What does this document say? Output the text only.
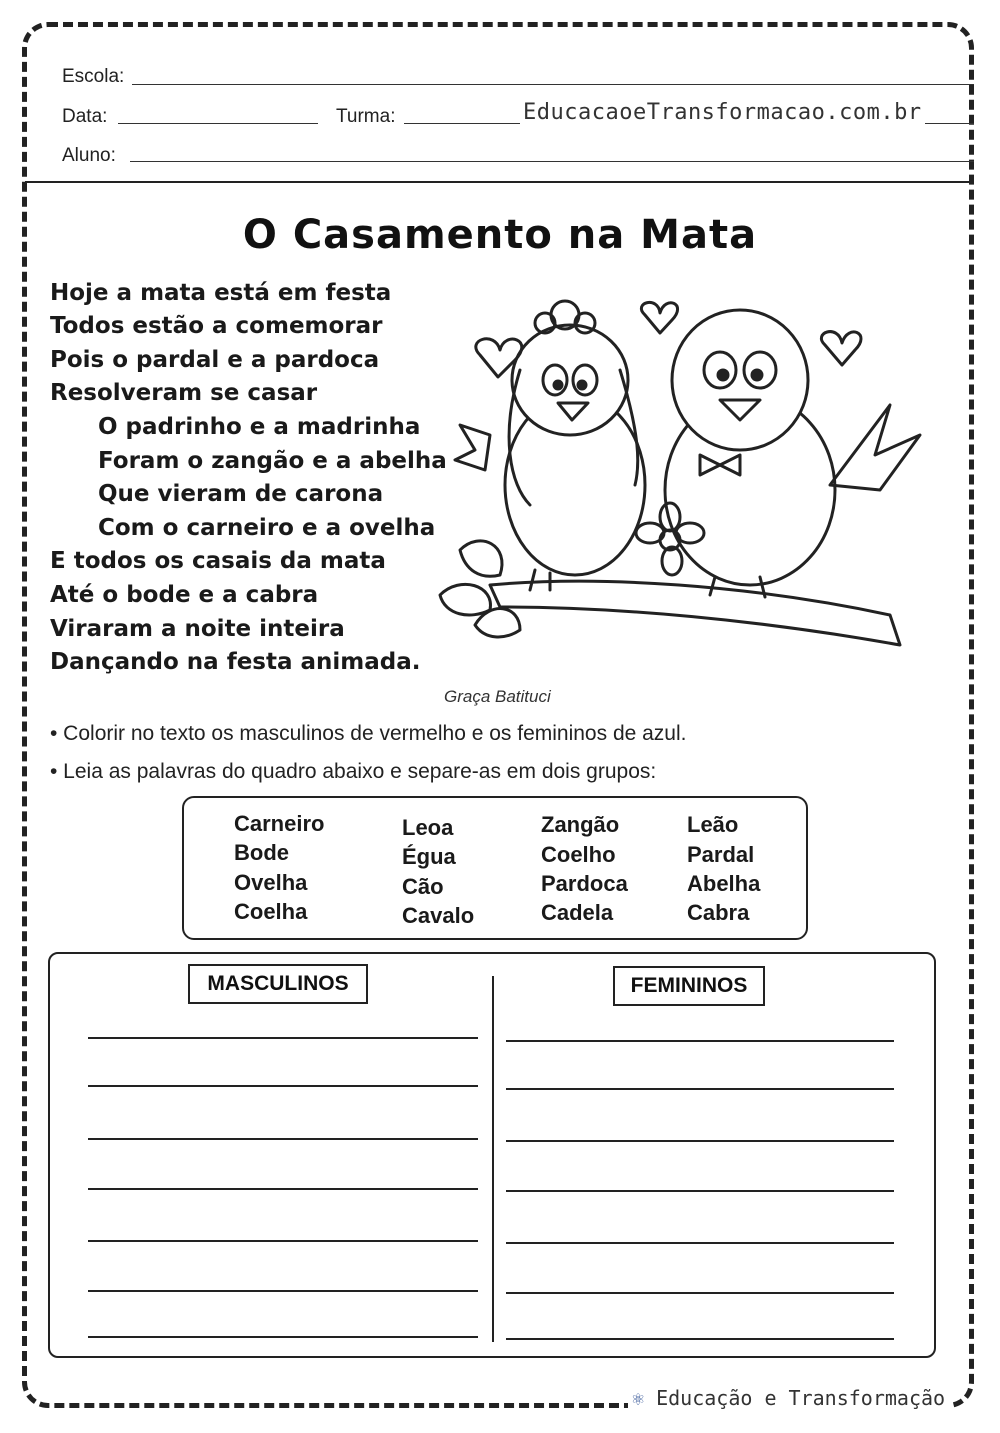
Escola:
Data:	Turma:	EducacaoeTransformacao.com.br
Aluno:
O Casamento na Mata
Hoje a mata está em festa
Todos estão a comemorar
Pois o pardal e a pardoca
Resolveram se casar
O padrinho e a madrinha
Foram o zangão e a abelha
Que vieram de carona
Com o carneiro e a ovelha
E todos os casais da mata
Até o bode e a cabra
Viraram a noite inteira
Dançando na festa animada.
Graça Batituci
• Colorir no texto os masculinos de vermelho e os femininos de azul.
• Leia as palavras do quadro abaixo e separe-as em dois grupos:
Carneiro
Bode
Ovelha
Coelha
Leoa
Égua
Cão
Cavalo
Zangão
Coelho
Pardoca
Cadela
Leão
Pardal
Abelha
Cabra
MASCULINOS	FEMININOS
⚛ Educação e Transformação
